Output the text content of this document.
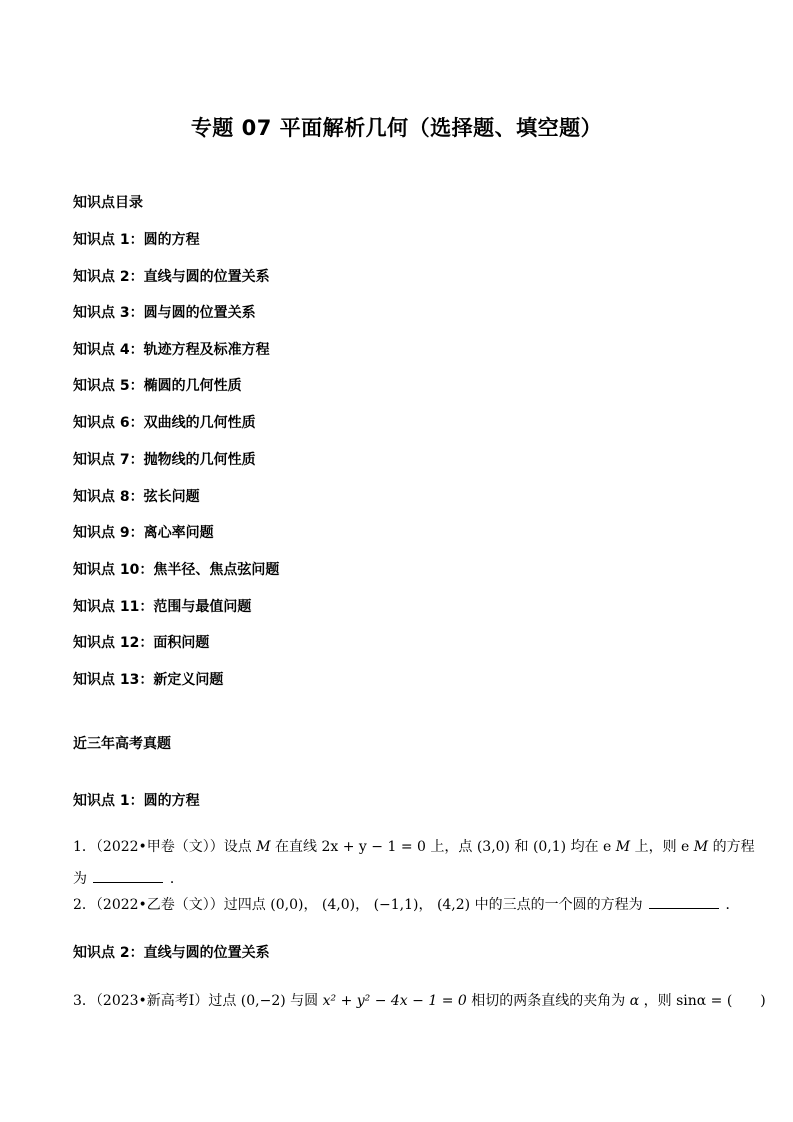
专题 07 平面解析几何（选择题、填空题）
知识点目录
知识点 1：圆的方程
知识点 2：直线与圆的位置关系
知识点 3：圆与圆的位置关系
知识点 4：轨迹方程及标准方程
知识点 5：椭圆的几何性质
知识点 6：双曲线的几何性质
知识点 7：抛物线的几何性质
知识点 8：弦长问题
知识点 9：离心率问题
知识点 10：焦半径、焦点弦问题
知识点 11：范围与最值问题
知识点 12：面积问题
知识点 13：新定义问题
近三年高考真题
知识点 1：圆的方程
1．（2022•甲卷（文））设点 M 在直线 2x + y − 1 = 0 上，点 (3,0) 和 (0,1) 均在 e M 上，则 e M 的方程
为	．
2．（2022•乙卷（文））过四点 (0,0)， (4,0)， (−1,1)， (4,2) 中的三点的一个圆的方程为	．
知识点 2：直线与圆的位置关系
3．（2023•新高考Ⅰ）过点 (0,−2) 与圆 x² + y² − 4x − 1 = 0 相切的两条直线的夹角为 α ，则 sinα = (　　)
